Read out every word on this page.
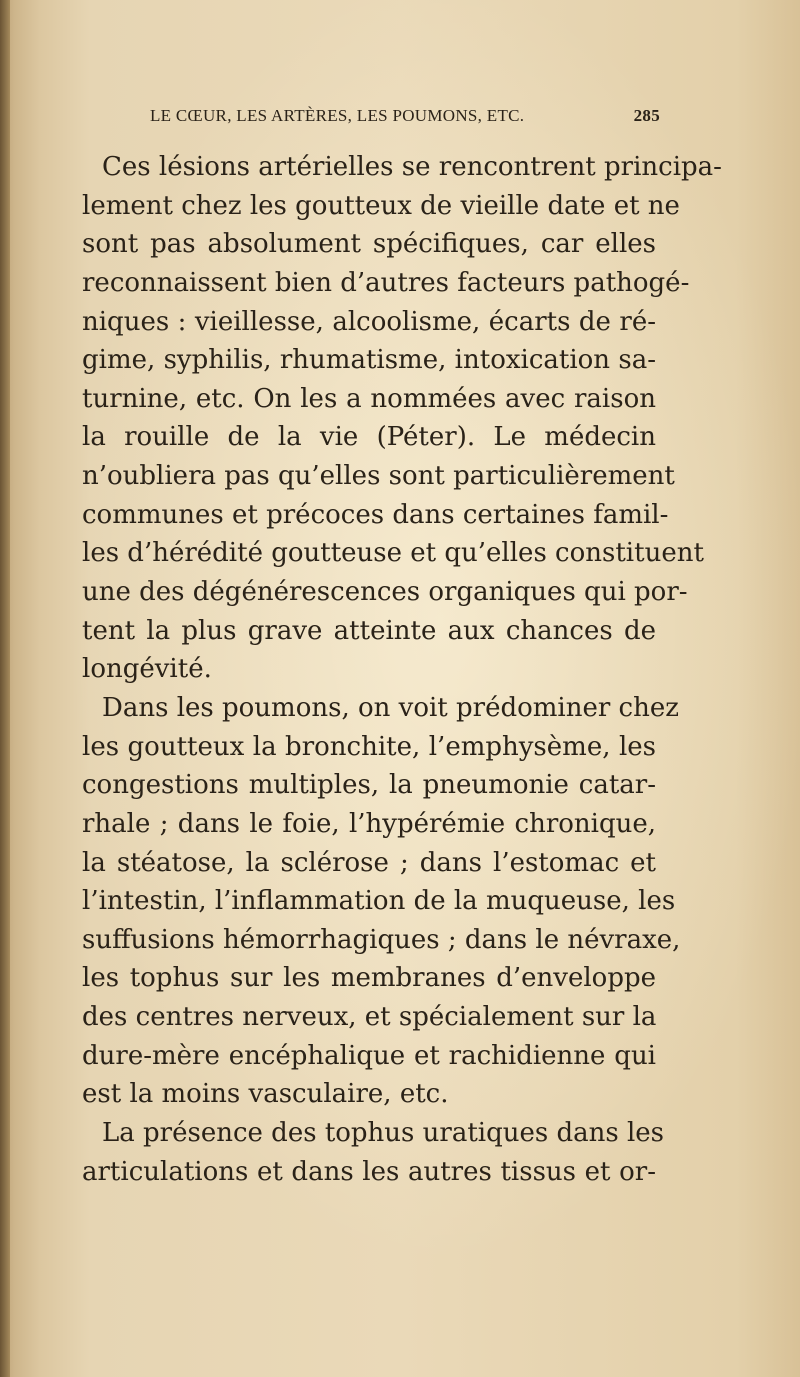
LE CŒUR, LES ARTÈRES, LES POUMONS, ETC.	285
Ces lésions artérielles se rencontrent principa-
lement chez les goutteux de vieille date et ne
sont pas absolument spécifiques, car elles
reconnaissent bien d’autres facteurs pathogé-
niques : vieillesse, alcoolisme, écarts de ré-
gime, syphilis, rhumatisme, intoxication sa-
turnine, etc. On les a nommées avec raison
la rouille de la vie (Péter). Le médecin
n’oubliera pas qu’elles sont particulièrement
communes et précoces dans certaines famil-
les d’hérédité goutteuse et qu’elles constituent
une des dégénérescences organiques qui por-
tent la plus grave atteinte aux chances de
longévité.
Dans les poumons, on voit prédominer chez
les goutteux la bronchite, l’emphysème, les
congestions multiples, la pneumonie catar-
rhale ; dans le foie, l’hypérémie chronique,
la stéatose, la sclérose ; dans l’estomac et
l’intestin, l’inflammation de la muqueuse, les
suffusions hémorrhagiques ; dans le névraxe,
les tophus sur les membranes d’enveloppe
des centres nerveux, et spécialement sur la
dure-mère encéphalique et rachidienne qui
est la moins vasculaire, etc.
La présence des tophus uratiques dans les
articulations et dans les autres tissus et or-
